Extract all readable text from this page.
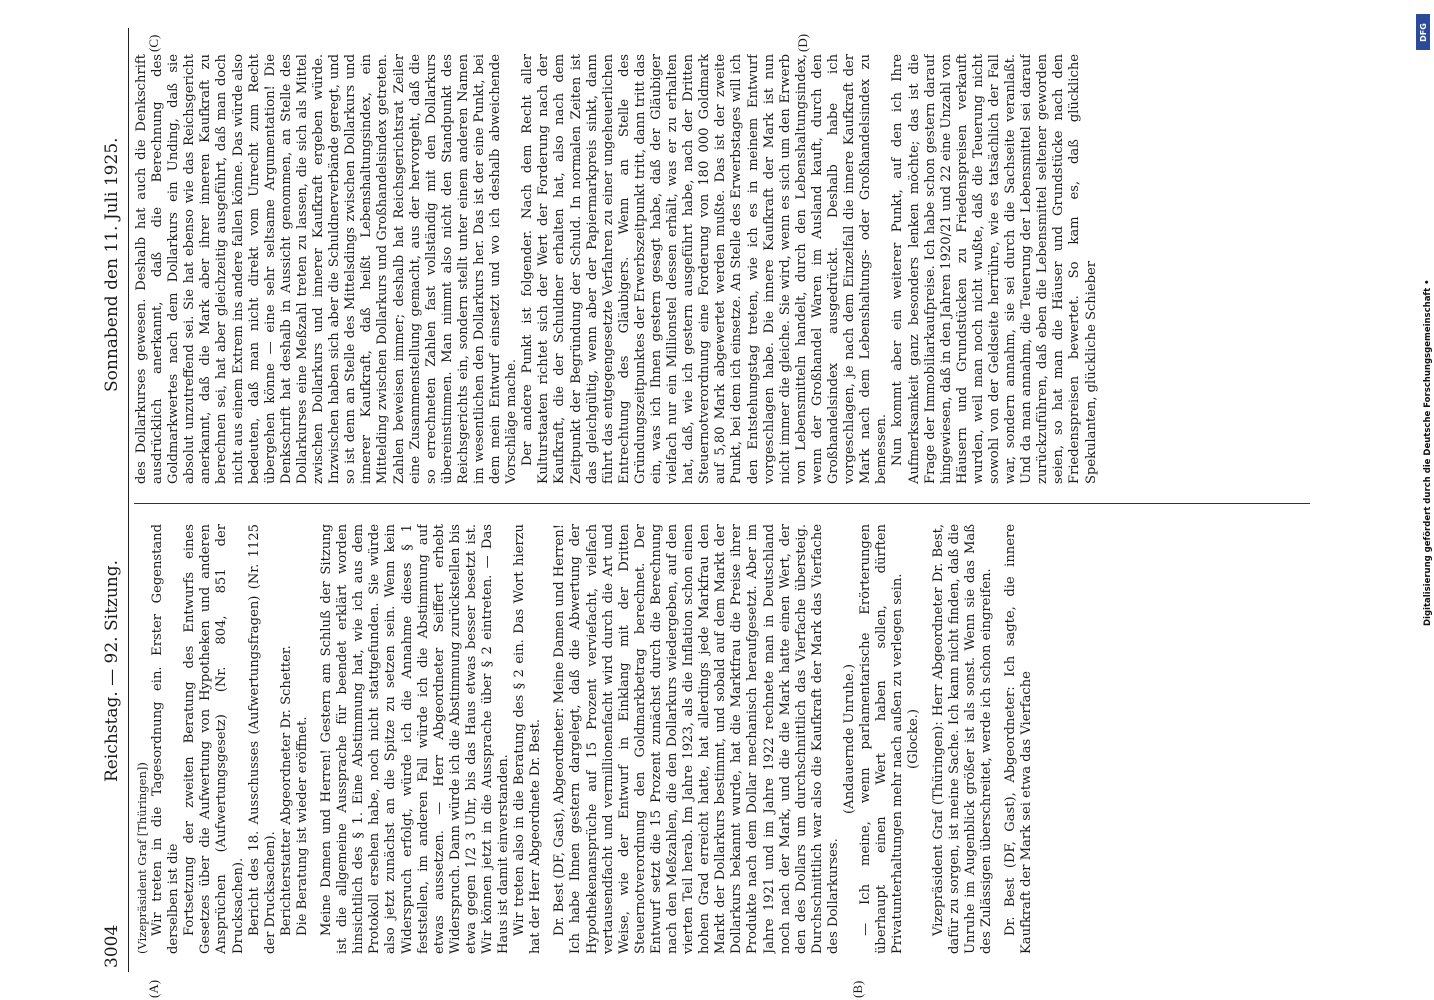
3004
Reichstag. — 92. Sitzung.
Sonnabend den 11. Juli 1925.
(A)	(B)
(C)	(D)

(Vizepräsident Graf [Thüringen]) Wir treten in die Tagesordnung ein. Erster Gegenstand derselben ist die Fortsetzung der zweiten Beratung des Entwurfs eines Gesetzes über die Aufwertung von Hypotheken und anderen Ansprüchen (Aufwertungsgesetz) (Nr. 804, 851 der Drucksachen). Bericht des 18. Ausschusses (Aufwertungsfragen) (Nr. 1125 der Drucksachen). Berichterstatter Abgeordneter Dr. Schetter. Die Beratung ist wieder eröffnet. Meine Damen und Herren! Gestern am Schluß der Sitzung ist die allgemeine Aussprache für beendet erklärt worden hinsichtlich des § 1. Eine Abstimmung hat, wie ich aus dem Protokoll ersehen habe, noch nicht stattgefunden. Sie würde also jetzt zunächst an die Spitze zu setzen sein. Wenn kein Widerspruch erfolgt, würde ich die Annahme dieses § 1 feststellen, im anderen Fall würde ich die Abstimmung auf etwas aussetzen. — Herr Abgeordneter Seiffert erhebt Widerspruch. Dann würde ich die Abstimmung zurückstellen bis etwa gegen 1/2 3 Uhr, bis das Haus etwas besser besetzt ist. Wir können jetzt in die Aussprache über § 2 eintreten. — Das Haus ist damit einverstanden. Wir treten also in die Beratung des § 2 ein. Das Wort hierzu hat der Herr Abgeordnete Dr. Best. Dr. Best (DF, Gast), Abgeordneter: Meine Damen und Herren! Ich habe Ihnen gestern dargelegt, daß die Abwertung der Hypothekenansprüche auf 15 Prozent verviefacht, vielfach vertausendfacht und vermillionenfacht wird durch die Art und Weise, wie der Entwurf in Einklang mit der Dritten Steuernotverordnung den Goldmarkbetrag berechnet. Der Entwurf setzt die 15 Prozent zunächst durch die Berechnung nach den Meßzahlen, die den Dollarkurs wiedergeben, auf den vierten Teil herab. Im Jahre 1923, als die Inflation schon einen hohen Grad erreicht hatte, hat allerdings jede Markfrau den Markt der Dollarkurs bestimmt, und sobald auf dem Markt der Dollarkurs bekannt wurde, hat die Marktfrau die Preise ihrer Produkte nach dem Dollar mechanisch heraufgesetzt. Aber im Jahre 1921 und im Jahre 1922 rechnete man in Deutschland noch nach der Mark, und die die Mark hatte einen Wert, der den des Dollars um durchschnittlich das Vierfache übersteig. Durchschnittlich war also die Kaufkraft der Mark das Vierfache des Dollarkurses.

(Andauernde Unruhe.) — Ich meine, wenn parlamentarische Erörterungen überhaupt einen Wert haben sollen, dürften Privatunterhaltungen mehr nach außen zu verlegen sein. (Glocke.) Vizepräsident Graf (Thüringen): Herr Abgeordneter Dr. Best, dafür zu sorgen, ist meine Sache. Ich kann nicht finden, daß die Unruhe im Augenblick größer ist als sonst. Wenn sie das Maß des Zulässigen überschreitet, werde ich schon eingreifen. Dr. Best (DF, Gast), Abgeordneter: Ich sagte, die innere Kaufkraft der Mark sei etwa das Vierfache

des Dollarkurses gewesen. Deshalb hat auch die Denkschrift ausdrücklich anerkannt, daß die Berechnung des Goldmarkwertes nach dem Dollarkurs ein Unding, daß sie absolut unzutreffend sei. Sie hat ebenso wie das Reichsgericht anerkannt, daß die Mark aber ihrer inneren Kaufkraft zu berechnen sei, hat aber gleichzeitig ausgeführt, daß man doch nicht aus einem Extrem ins andere fallen könne. Das würde also bedeuten, daß man nicht direkt vom Unrecht zum Recht übergehen könne — eine sehr seltsame Argumentation! Die Denkschrift hat deshalb in Aussicht genommen, an Stelle des Dollarkurses eine Meßzahl treten zu lassen, die sich als Mittel zwischen Dollarkurs und innerer Kaufkraft ergeben würde. Inzwischen haben sich aber die Schuldnerverbände geregt, und so ist denn an Stelle des Mittelsdings zwischen Dollarkurs und innerer Kaufkraft, daß heißt Lebenshaltungsindex, ein Mittelding zwischen Dollarkurs und Großhandelsindex getreten. Zahlen beweisen immer; deshalb hat Reichsgerichtsrat Zeiler eine Zusammenstellung gemacht, aus der hervorgeht, daß die so errechneten Zahlen fast vollständig mit den Dollarkurs übereinstimmen. Man nimmt also nicht den Standpunkt des Reichsgerichts ein, sondern stellt unter einem anderen Namen im wesentlichen den Dollarkurs her. Das ist der eine Punkt, bei dem mein Entwurf einsetzt und wo ich deshalb abweichende Vorschläge mache. Der andere Punkt ist folgender. Nach dem Recht aller Kulturstaaten richtet sich der Wert der Forderung nach der Kaufkraft, die der Schuldner erhalten hat, also nach dem Zeitpunkt der Begründung der Schuld. In normalen Zeiten ist das gleichgültig, wenn aber der Papiermarkpreis sinkt, dann führt das entgegengesetzte Verfahren zu einer ungeheuerlichen Entrechtung des Gläubigers. Wenn an Stelle des Gründungszeitpunktes der Erwerbszeitpunkt tritt, dann tritt das ein, was ich Ihnen gestern gesagt habe, daß der Gläubiger vielfach nur ein Millionstel dessen erhält, was er zu erhalten hat, daß, wie ich gestern ausgeführt habe, nach der Dritten Steuernotverordnung eine Forderung von 180 000 Goldmark auf 5,80 Mark abgewertet werden mußte. Das ist der zweite Punkt, bei dem ich einsetze. An Stelle des Erwerbstages will ich den Entstehungstag treten, wie ich es in meinem Entwurf vorgeschlagen habe. Die innere Kaufkraft der Mark ist nun nicht immer die gleiche. Sie wird, wenn es sich um den Erwerb von Lebensmitteln handelt, durch den Lebenshaltungsindex, wenn der Großhandel Waren im Ausland kauft, durch den Großhandelsindex ausgedrückt. Deshalb habe ich vorgeschlagen, je nach dem Einzelfall die innere Kaufkraft der Mark nach dem Lebenshaltungs- oder Großhandelsindex zu bemessen. Nun kommt aber ein weiterer Punkt, auf den ich Ihre Aufmerksamkeit ganz besonders lenken möchte; das ist die Frage der Immobiliarkaufpreise. Ich habe schon gestern darauf hingewiesen, daß in den Jahren 1920/21 und 22 eine Unzahl von Häusern und Grundstücken zu Friedenspreisen verkauft wurden, weil man noch nicht wußte, daß die Teuerung nicht sowohl von der Geldseite herrühre, wie es tatsächlich der Fall war, sondern annahm, sie sei durch die Sachseite veranlaßt. Und da man annahm, die Teuerung der Lebensmittel sei darauf zurückzuführen, daß eben die Lebensmittel seltener geworden seien, so hat man die Häuser und Grundstücke nach den Friedenspreisen bewertet. So kam es, daß glückliche Spekulanten, glückliche Schieber

DFG
Digitalisierung gefördert durch die Deutsche Forschungsgemeinschaft •
